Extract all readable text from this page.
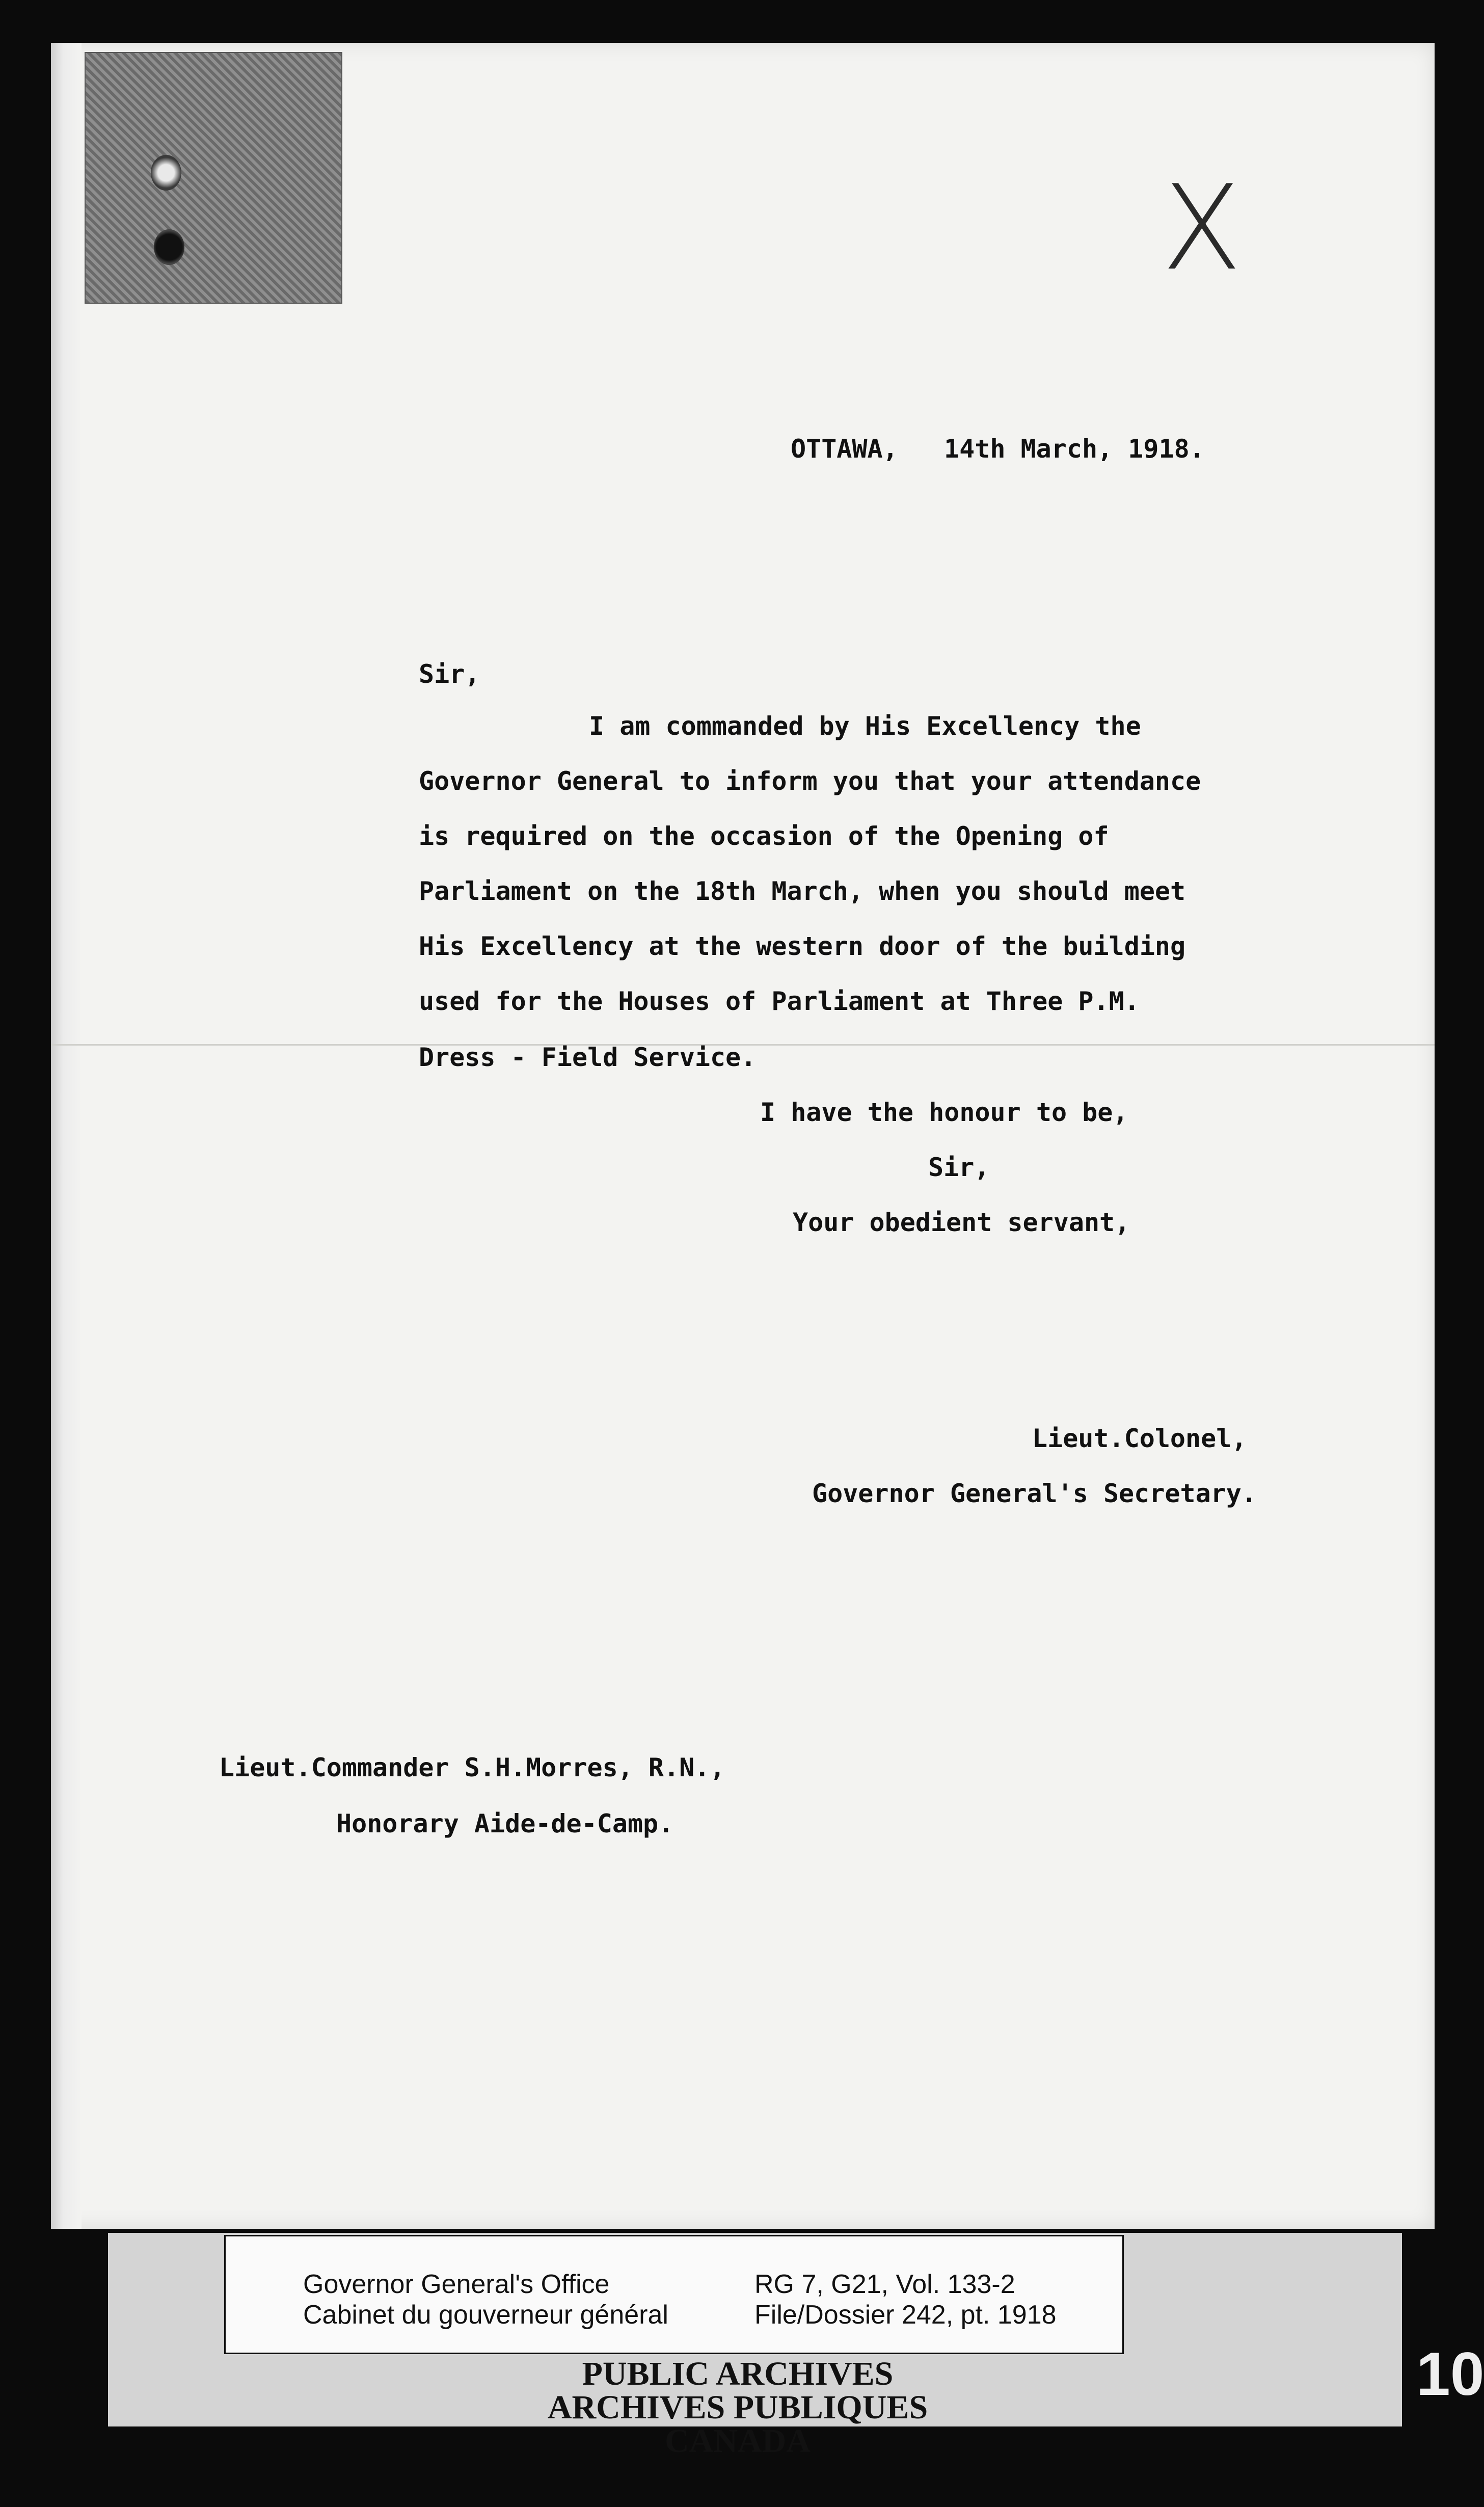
X
OTTAWA,   14th March, 1918.
Sir,
I am commanded by His Excellency the
Governor General to inform you that your attendance
is required on the occasion of the Opening of
Parliament on the 18th March, when you should meet
His Excellency at the western door of the building
used for the Houses of Parliament at Three P.M.
Dress - Field Service.
I have the honour to be,
Sir,
Your obedient servant,
Lieut.Colonel,
Governor General's Secretary.
Lieut.Commander S.H.Morres, R.N.,
Honorary Aide-de-Camp.
Governor General's Office
Cabinet du gouverneur général
RG 7, G21, Vol. 133-2
File/Dossier 242, pt. 1918
PUBLIC ARCHIVES
ARCHIVES PUBLIQUES
CANADA
10
